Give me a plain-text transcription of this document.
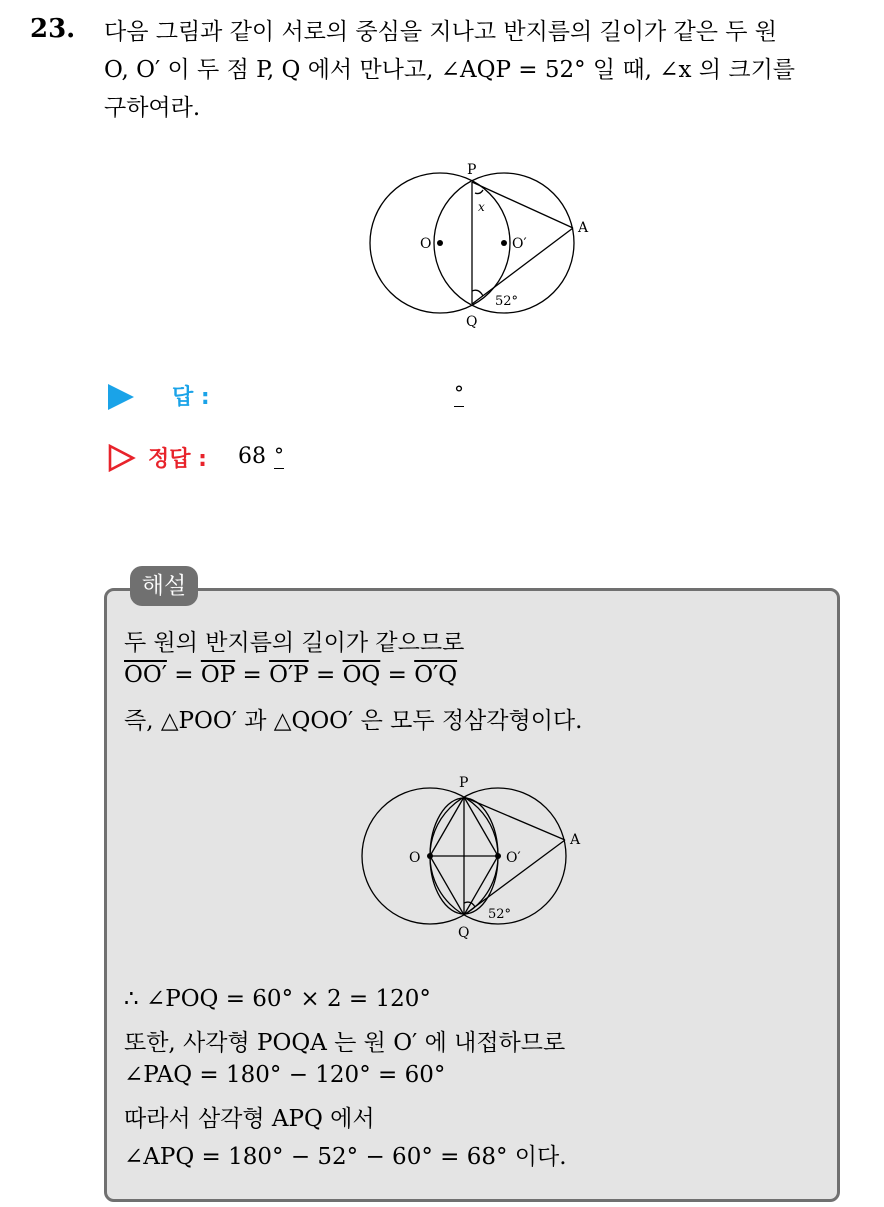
23. 다음 그림과 같이 서로의 중심을 지나고 반지름의 길이가 같은 두 원
O, O′ 이 두 점 P, Q 에서 만나고, ∠AQP = 52° 일 때, ∠x 의 크기를
구하여라.
P
Q
A
O	O′
x
52°
답 :	°
정답 : 68 °
해설
두 원의 반지름의 길이가 같으므로
$OO' = \overline{OP} = O'P = \overline{OQ} = O'Q$
즉, △POO′ 과 △QOO′ 은 모두 정삼각형이다.
P
Q
A
O	O′
52°
∴ ∠POQ = 60° × 2 = 120°
또한, 사각형 POQA 는 원 O′ 에 내접하므로
∠PAQ = 180° − 120° = 60°
따라서 삼각형 APQ 에서
∠APQ = 180° − 52° − 60° = 68° 이다.
